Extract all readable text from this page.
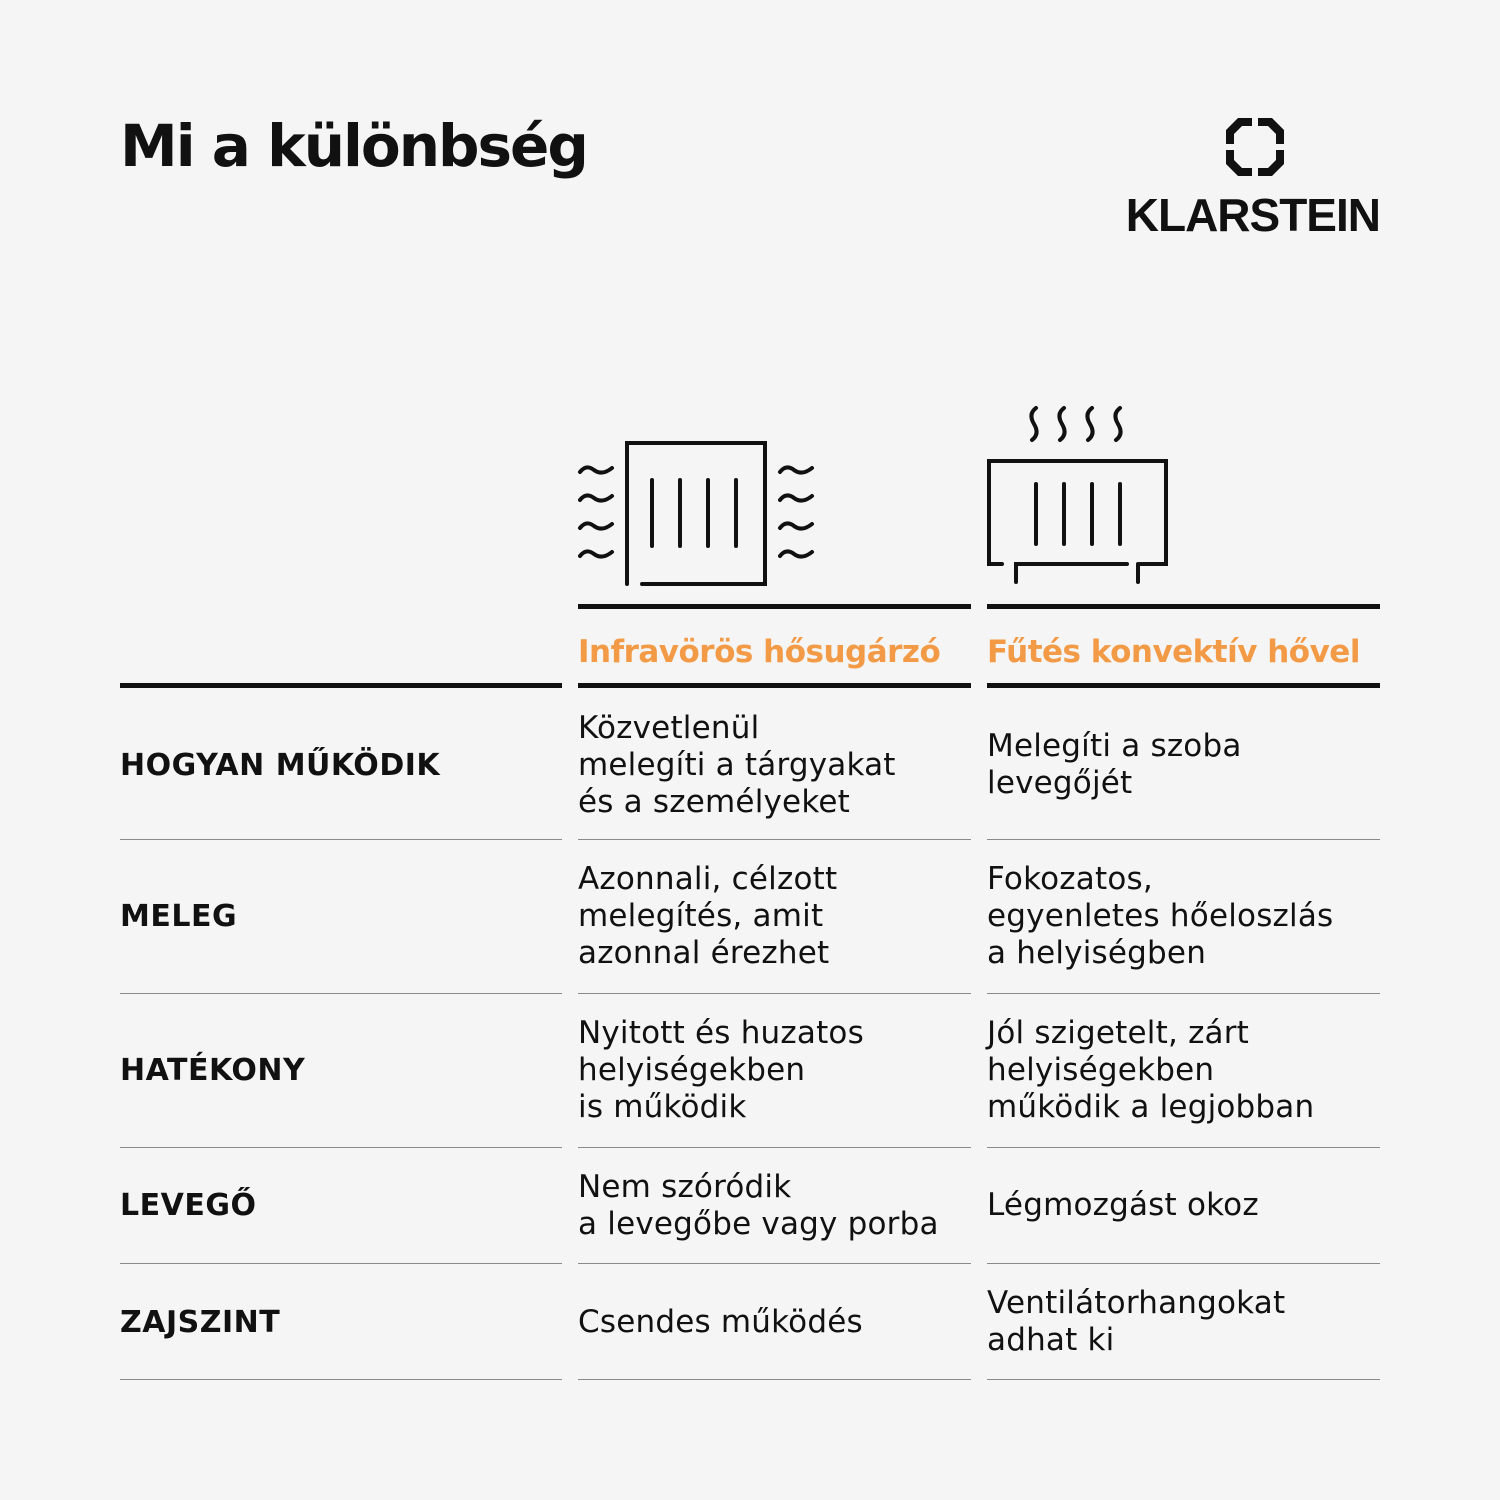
Mi a különbség
KLARSTEIN
Infravörös hősugárzó Fűtés konvektív hővel
HOGYAN MŰKÖDIK
Közvetlenül
melegíti a tárgyakat
és a személyeket
Melegíti a szoba
levegőjét
MELEG
Azonnali, célzott
melegítés, amit
azonnal érezhet
Fokozatos,
egyenletes hőeloszlás
a helyiségben
HATÉKONY
Nyitott és huzatos
helyiségekben
is működik
Jól szigetelt, zárt
helyiségekben
működik a legjobban
LEVEGŐ
Nem szóródik
a levegőbe vagy porba
Légmozgást okoz
ZAJSZINT	Csendes működés
Ventilátorhangokat
adhat ki
